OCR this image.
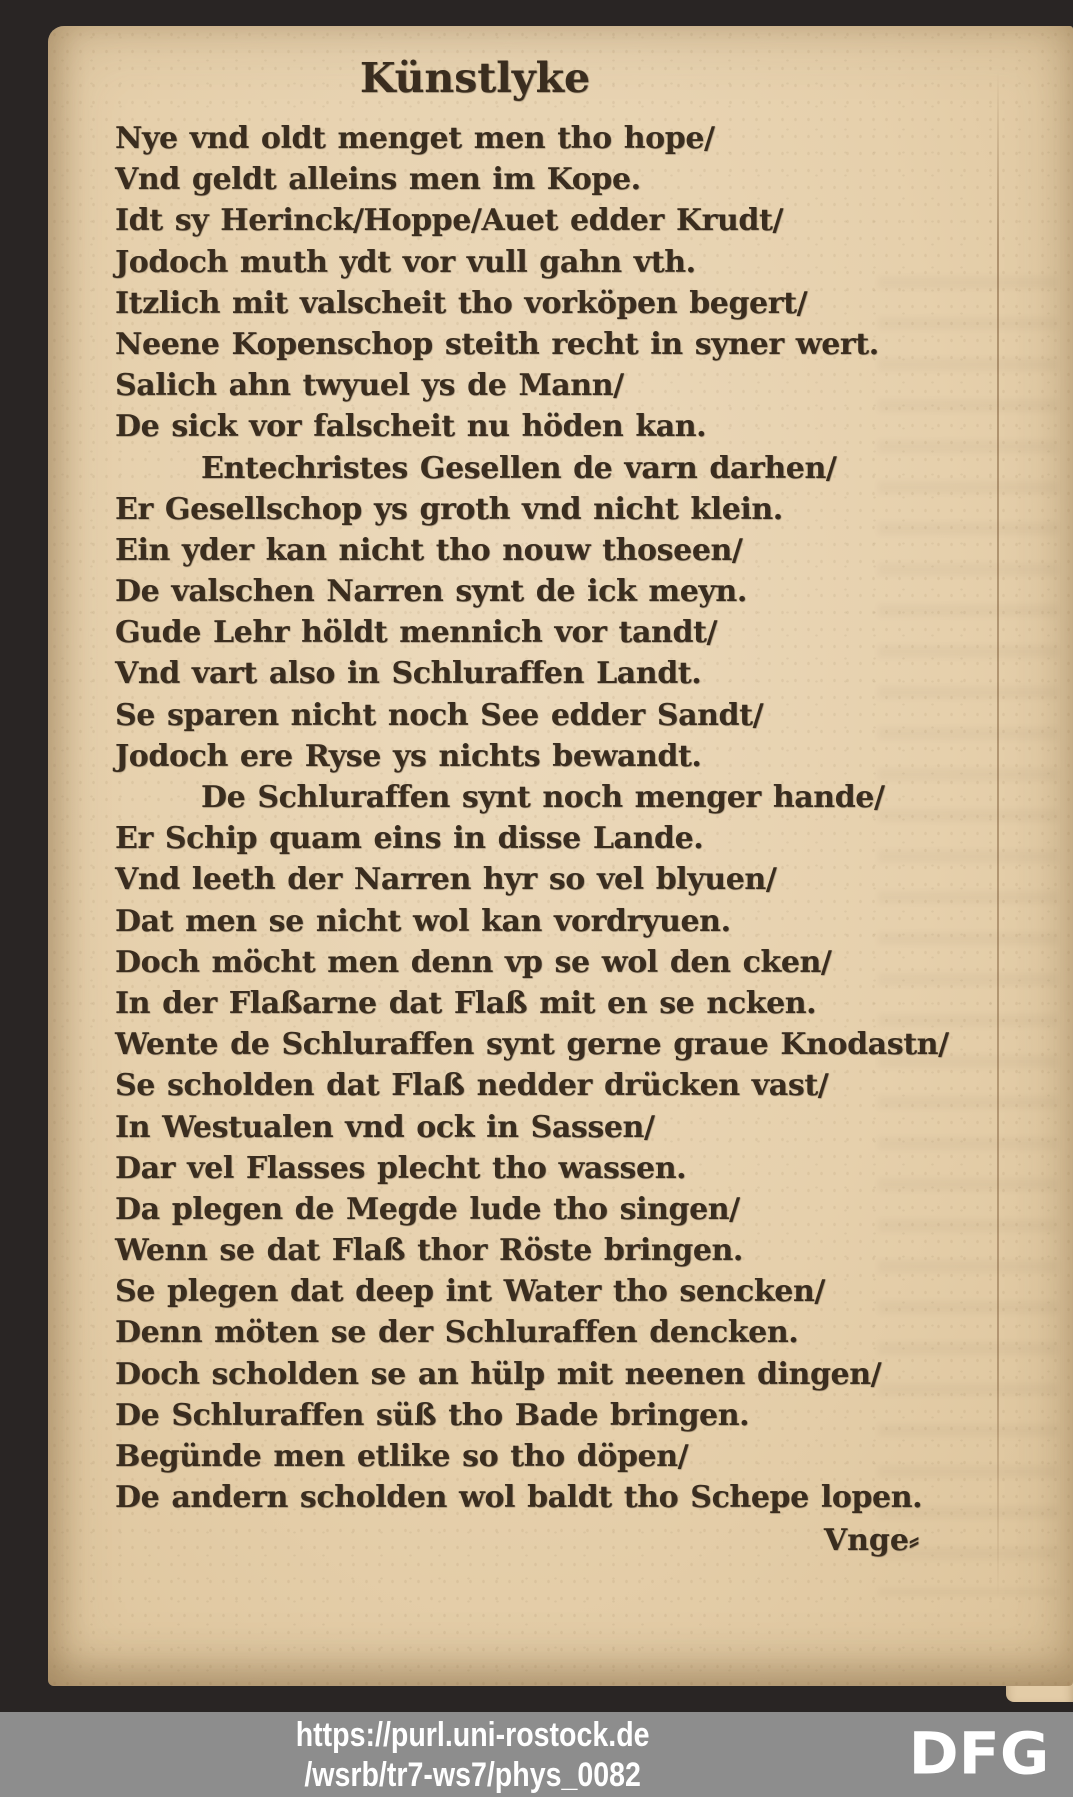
Künstlyke
Nye vnd oldt menget men tho hope/
Vnd geldt alleins men im Kope.
Idt sy Herinck/Hoppe/Auet edder Krudt/
Jodoch muth ydt vor vull gahn vth.
Itzlich mit valscheit tho vorköpen begert/
Neene Kopenschop steith recht in syner wert.
Salich ahn twyuel ys de Mann/
De sick vor falscheit nu höden kan.
Entechristes Gesellen de varn darhen/
Er Gesellschop ys groth vnd nicht klein.
Ein yder kan nicht tho nouw thoseen/
De valschen Narren synt de ick meyn.
Gude Lehr höldt mennich vor tandt/
Vnd vart also in Schluraffen Landt.
Se sparen nicht noch See edder Sandt/
Jodoch ere Ryse ys nichts bewandt.
De Schluraffen synt noch menger hande/
Er Schip quam eins in disse Lande.
Vnd leeth der Narren hyr so vel blyuen/
Dat men se nicht wol kan vordryuen.
Doch möcht men denn vp se wol den cken/
In der Flaßarne dat Flaß mit en se ncken.
Wente de Schluraffen synt gerne graue Knodastn/
Se scholden dat Flaß nedder drücken vast/
In Westualen vnd ock in Sassen/
Dar vel Flasses plecht tho wassen.
Da plegen de Megde lude tho singen/
Wenn se dat Flaß thor Röste bringen.
Se plegen dat deep int Water tho sencken/
Denn möten se der Schluraffen dencken.
Doch scholden se an hülp mit neenen dingen/
De Schluraffen süß tho Bade bringen.
Begünde men etlike so tho döpen/
De andern scholden wol baldt tho Schepe lopen.
Vnge⸗
https://purl.uni-rostock.de
/wsrb/tr7-ws7/phys_0082	DFG
